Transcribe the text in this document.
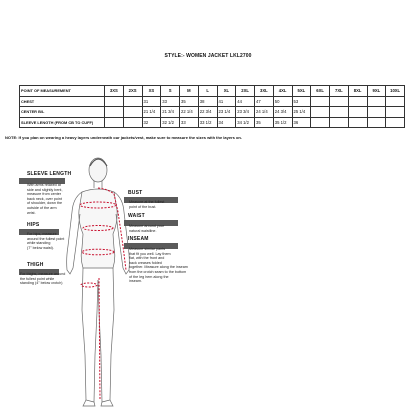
STYLE:- WOMEN JACKET LKL2700
POINT OF MEASUREMENT	3XS	2XS	XS	S	M	L	XL	2XL	3XL	4XL	5XL	6XL	7XL	8XL	9XL	10XL
CHEST			31	33	35	38	41	44	47	50	53					
CENTER B/L			21 1/4	21 3/4	22 1/4	22 3/4	23 1/4	23 3/4	24 1/4	24 3/4	25 1/4					
SLEEVE LENGTH (FROM CB TO CUFF)			32	32 1/2	33	33 1/2	34	34 1/2	35	35 1/2	36					
NOTE: If you plan on wearing a heavy layers underneath our jackets/vest, make sure to measure the sizes with the layers on.
SLEEVE LENGTH
With arms relaxed at
side and slightly bent,
measure from center
back neck, over point
of shoulder, down the
outside of the arm
wrist.
HIPS
For hips, measure
around the fullest point
while standing
(7" below waist).
THIGH
For thighs, measure around
the fullest point while
standing (4" below crotch)
BUST
Measure at the fullest
point of the bust.
WAIST
Measure around your
natural waistline.
INSEAM
Measure similar pants
that fit you well. Lay them
flat, with the front and
back creases folded
together. Measure along the inseam
from the crotch seam to the bottom
of the leg hem along the
inseam.
